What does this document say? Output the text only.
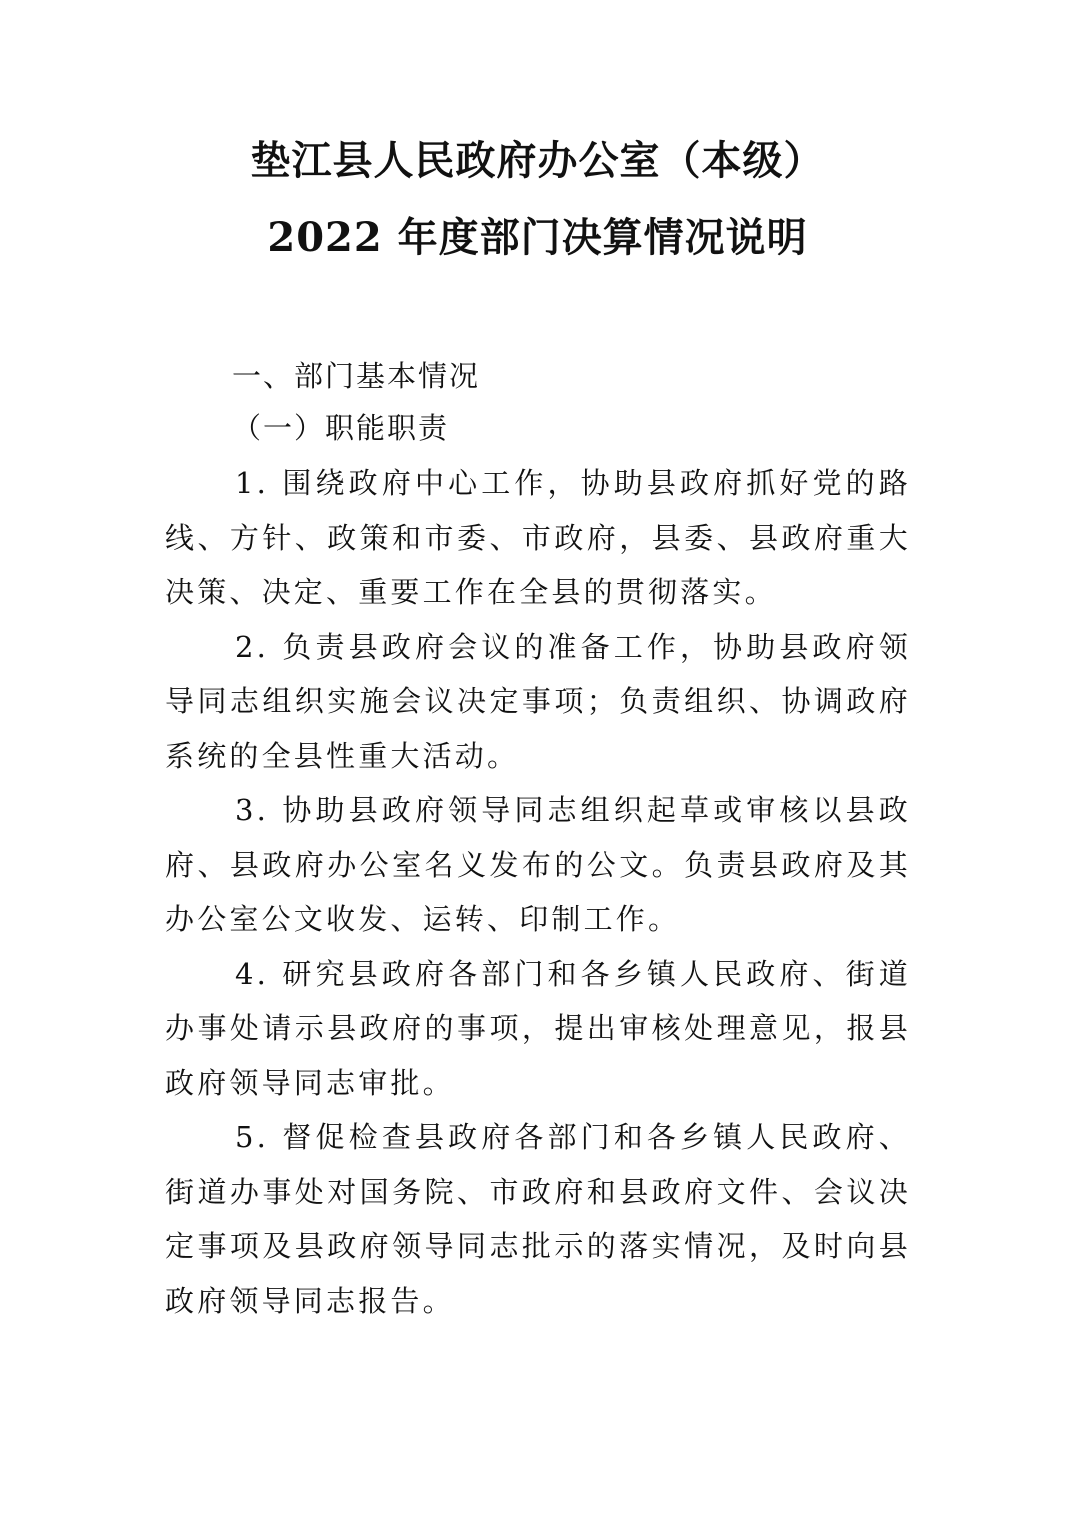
垫江县人民政府办公室（本级）
2022 年度部门决算情况说明
一、部门基本情况
（一）职能职责

1. 围绕政府中心工作，协助县政府抓好党的路线、方针、政策和市委、市政府，县委、县政府重大决策、决定、重要工作在全县的贯彻落实。

2. 负责县政府会议的准备工作，协助县政府领导同志组织实施会议决定事项；负责组织、协调政府系统的全县性重大活动。

3. 协助县政府领导同志组织起草或审核以县政府、县政府办公室名义发布的公文。负责县政府及其办公室公文收发、运转、印制工作。

4. 研究县政府各部门和各乡镇人民政府、街道办事处请示县政府的事项，提出审核处理意见，报县政府领导同志审批。

5. 督促检查县政府各部门和各乡镇人民政府、街道办事处对国务院、市政府和县政府文件、会议决定事项及县政府领导同志批示的落实情况，及时向县政府领导同志报告。
